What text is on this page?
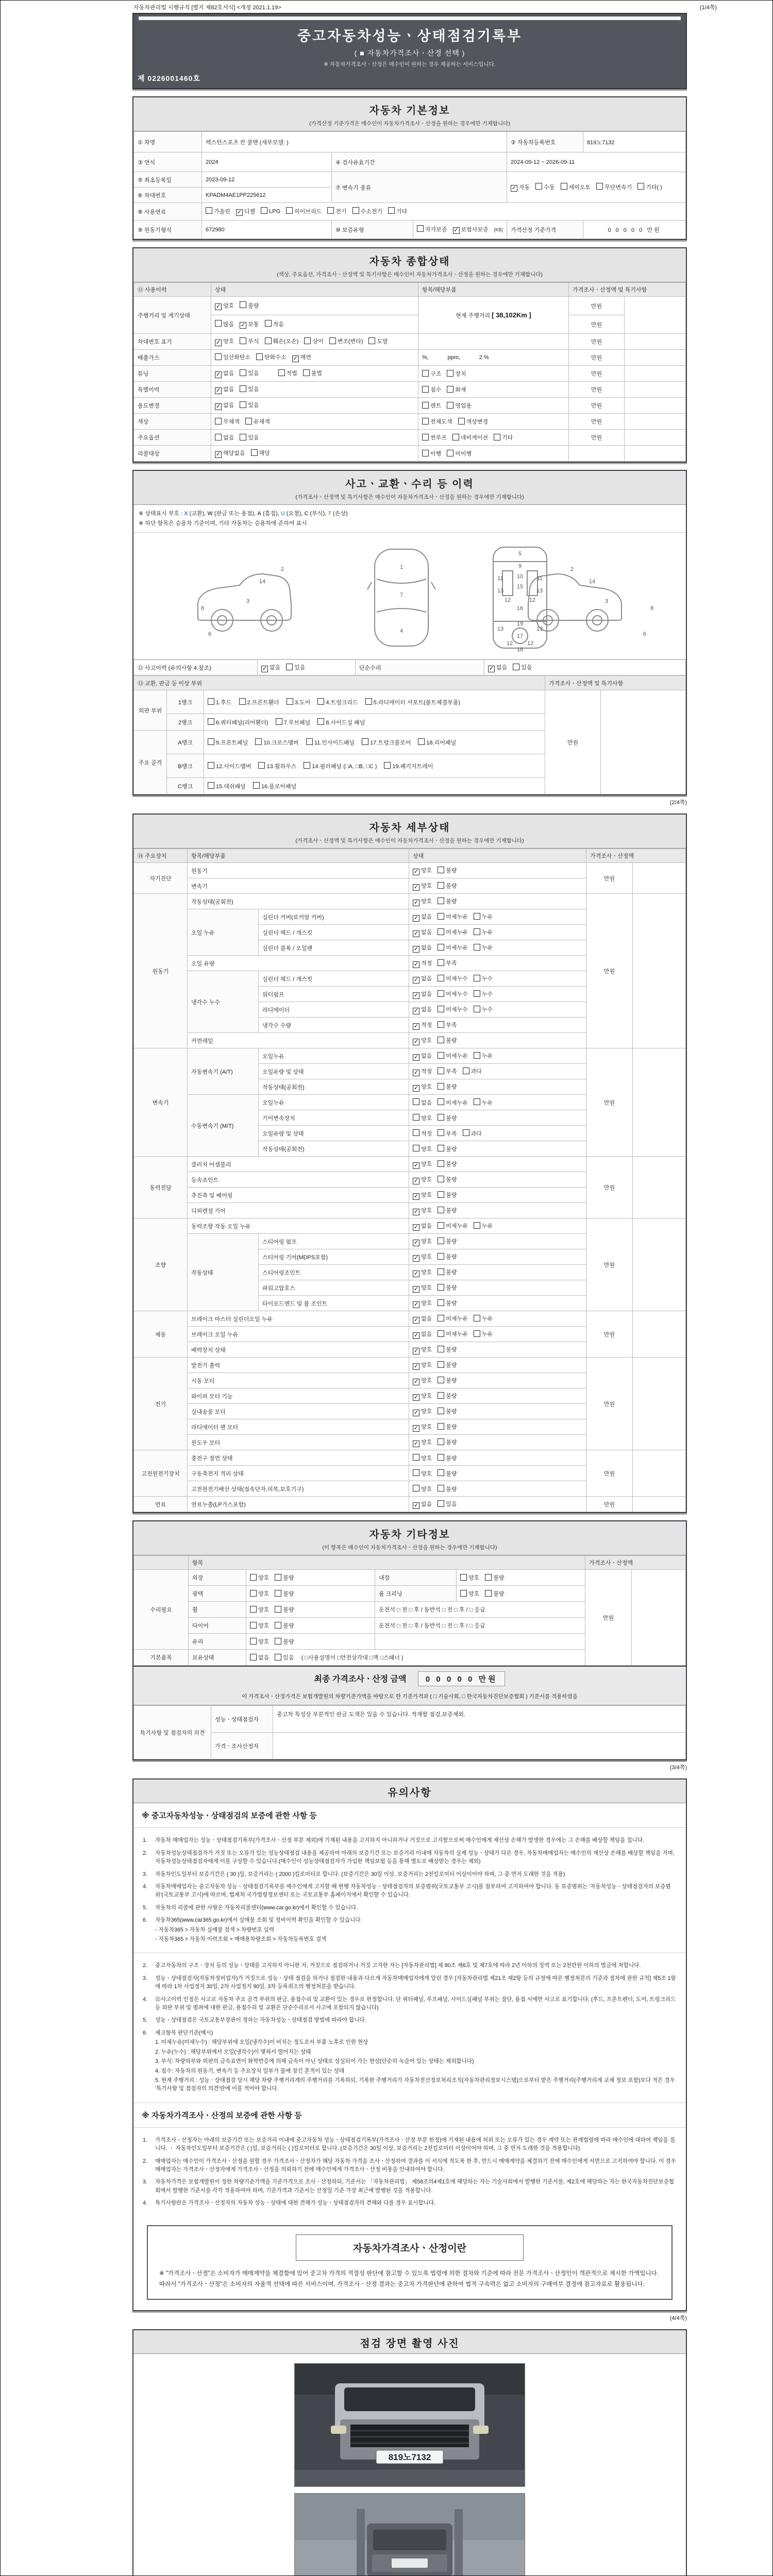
자동차관리법 시행규칙 [별지 제82호서식] <개정 2021.1.19>	(1/4쪽)
중고자동차성능ㆍ상태점검기록부
( ■ 자동차가격조사ㆍ산정 선택 )
※ 자동차가격조사ㆍ산정은 매수인이 원하는 경우 제공하는 서비스입니다.
제 0226001460호
자동차 기본정보
(가격산정 기준가격은 매수인이 자동차가격조사ㆍ산정을 원하는 경우에만 기재합니다)
① 차명	렉스턴스포츠 칸 쿨멘 (세부모델: )			② 자동차등록번호	819노7132
③ 연식	2024	④ 검사유효기간		2024-09-12 ~ 2026-09-11	
⑤ 최초등록일	2023-09-12	⑦ 변속기 종류		✓ 자동 수동 세미오토 무단변속기 기타( )	
⑥ 차대번호	KPADM4AE1PP225612				
⑧ 사용연료	가솔린 ✓ 디젤 LPG 하이브리드 전기 수소전기 기타				
⑨ 원동기형식	672980	⑩ 보증유형	자가보증 ✓ 보험사보증 [KB]	가격산정 기준가격	0 0 0 0 0 만원
자동차 종합상태
(색상, 주요옵션, 가격조사ㆍ산정액 및 특기사항은 매수인이 자동차가격조사ㆍ산정을 원하는 경우에만 기재합니다)
⑪ 사용이력	상태	항목/해당부품	가격조사ㆍ산정액 및 특기사항	
주행거리 및 계기상태	✓ 양호 불량	현재 주행거리 [ 38,102Km ]	만원	
	많음 ✓ 보통 적음		만원	
차대번호 표기	✓ 양호 부식 훼손(오손) 상이 변조(변타) 도말		만원	
배출가스	일산화탄소 탄화수소 ✓ 매연	%,            ppm,            2 %	만원	
튜닝	✓ 없음 있음 적법 불법	구조 장치	만원	
특별이력	✓ 없음 있음	침수 화재	만원	
용도변경	✓ 없음 있음	렌트 영업용	만원	
색상	무채색 유채색	전체도색 색상변경	만원	
주요옵션	없음 있음	썬루프 네비게이션 기타	만원	
리콜대상	✓ 해당없음 해당	이행 미이행		
사고ㆍ교환ㆍ수리 등 이력
(가격조사ㆍ산정액 및 특기사항은 매수인이 자동차가격조사ㆍ산정을 원하는 경우에만 기재합니다)
※ 상태표시 부호 : X (교환), W (판금 또는 용접), A (흠집), U (요철), C (부식), T (손상)
※ 하단 항목은 승용차 기준이며, 기타 자동차는 승용차에 준하여 표시
1
6
2
3
13
4
5
7
8
13
9
10
11
12	12
14
15
16
17
18
19
11
12	12
13	13
2
3
14
8
6
⑫ 사고이력 (유의사항 4.참조)	✓ 없음 있음	단순수리	✓ 없음 있음
⑬ 교환, 판금 등 이상 부위			가격조사ㆍ산정액 및 특기사항	
외판 부위	1랭크	1.후드 2.프론트휀더 3.도어 4.트렁크리드 5.라디에이터 서포트(볼트체결부품)	만원	
	2랭크	6.쿼터패널(리어휀더) 7.루브패널 8.사이드실 패널		
주요 골격	A랭크	9.프론트패널 10.크로스멤버 11.인사이드패널 17.트렁크플로어 18.리어패널		
	B랭크	12.사이드멤버 13.휠하우스 14.필러패널 (□A, □B, □C ) 19.패키지트레이		
	C랭크	15.대쉬패널 16.플로어패널		
(2/4쪽)
자동차 세부상태
(가격조사ㆍ산정액 및 특기사항은 매수인이 자동차가격조사ㆍ산정을 원하는 경우에만 기재합니다)
⑭ 주요장치	항목/해당부품		상태	가격조사ㆍ산정액	
자기진단	원동기		✓ 양호 불량	만원	
	변속기		✓ 양호 불량		
원동기	작동상태(공회전)		✓ 양호 불량	만원	
	오일 누유	실린더 커버(로커암 커버)	✓ 없음 미세누유 누유		
		실린더 헤드 / 개스킷	✓ 없음 미세누유 누유		
		실린더 블록 / 오일팬	✓ 없음 미세누유 누유		
	오일 유량		✓ 적정 부족		
	냉각수 누수	실린더 헤드 / 개스킷	✓ 없음 미세누수 누수		
		워터펌프	✓ 없음 미세누수 누수		
		라디에이터	✓ 없음 미세누수 누수		
		냉각수 수량	✓ 적정 부족		
	커먼레일		✓ 양호 불량		
변속기	자동변속기 (A/T)	오일누유	✓ 없음 미세누유 누유	만원	
		오일유량 및 상태	✓ 적정 부족 과다		
		작동상태(공회전)	✓ 양호 불량		
	수동변속기 (M/T)	오일누유	없음 미세누유 누유		
		기어변속장치	양호 불량		
		오일유량 및 상태	적정 부족 과다		
		작동상태(공회전)	양호 불량		
동력전달	클러치 어셈블리		✓ 양호 불량	만원	
	등속죠인트		✓ 양호 불량		
	추진축 및 베어링		✓ 양호 불량		
	디퍼렌셜 기어		✓ 양호 불량		
조향	동력조향 작동 오일 누유		✓ 없음 미세누유 누유	만원	
	작동상태	스티어링 펌프	✓ 양호 불량		
		스티어링 기어(MDPS포함)	✓ 양호 불량		
		스티어링조인트	✓ 양호 불량		
		파워고압호스	✓ 양호 불량		
		타이로드엔드 및 볼 조인트	✓ 양호 불량		
제동	브레이크 마스터 실린더오일 누유		✓ 없음 미세누유 누유	만원	
	브레이크 오일 누유		✓ 없음 미세누유 누유		
	배력장치 상태		✓ 양호 불량		
전기	발전기 출력		✓ 양호 불량	만원	
	시동 모터		✓ 양호 불량		
	와이퍼 모터 기능		✓ 양호 불량		
	실내송풍 모터		✓ 양호 불량		
	라디에이터 팬 모터		✓ 양호 불량		
	윈도우 모터		✓ 양호 불량		
고전원전기장치	충전구 절연 상태		양호 불량	만원	
	구동축전지 격리 상태		양호 불량		
	고전원전기배선 상태(접속단자,피복,보호기구)		양호 불량		
연료	연료누출(LP가스포함)		✓ 없음 있음	만원	
자동차 기타정보
(이 항목은 매수인이 자동차가격조사ㆍ산정을 원하는 경우에만 기재합니다)
	항목				가격조사ㆍ산정액	
수리필요	외장	양호 불량	내장	양호 불량	만원	
	광택	양호 불량	룸 크리닝	양호 불량		
	휠	양호 불량	운전석 □ 전 □ 후 / 동반석 □ 전 □ 후 / □ 응급			
	타이어	양호 불량	운전석 □ 전 □ 후 / 동반석 □ 전 □ 후 / □ 응급			
	유리	양호 불량				
기본품목	보유상태	없음 있음 ( □사용설명서 □안전삼각대 □잭 □스패너 )				
최종 가격조사ㆍ산정 금액 0 0 0 0 0 만원
이 가격조사ㆍ산정가격은 보험개발원의 차량기준가액을 바탕으로 한 기준가격과 ( □ 기술사회, □ 한국자동차진단보증협회 ) 기준서를 적용하였음
특기사항 및 점검자의 의견	성능ㆍ상태점검자	중고차 특성상 부분적인 판금 도색은 있을 수 있습니다. 적재함 점검,보증제외.
	가격ㆍ조사산정자	
(3/4쪽)
유의사항
※ 중고자동차성능ㆍ상태점검의 보증에 관한 사항 등
1.	자동차 매매업자는 성능ㆍ상태점검기록부(가격조사ㆍ산정 부분 제외)에 기재된 내용을 고지하지 아니하거나 거짓으로 고지함으로써 매수인에게 재산상 손해가 발생한 경우에는 그 손해를 배상할 책임을 집니다.
2.	자동차성능상태점검자가 거짓 또는 오류가 있는 성능상태점검 내용을 제공하여 아래의 보증기간 또는 보증거리 이내에 자동차의 실제 성능ㆍ상태가 다른 경우, 자동차매매업자는 매수인의 재산상 손해를 배상할 책임을 지며, 자동차성능상태점검자에게 이를 구상할 수 있습니다.(매수인이 성능상태점검자가 가입한 책임보험 등을 통해 별도로 배상받는 경우는 제외)
3.	자동차인도일부터 보증기간은 ( 30 )일, 보증거리는 ( 2000 )킬로미터로 합니다. (보증기간은 30일 이상, 보증거리는 2천킬로미터 이상이어야 하며, 그 중 먼저 도래한 것을 적용)
4.	자동차매매업자는 중고자동차 성능ㆍ상태점검기록부를 매수인에게 고지할 때 현행 자동차성능ㆍ상태점검자의 보증범위(국토교통부 고시)를 첨부하여 고지하여야 합니다. 동 보증범위는 '자동차성능ㆍ상태점검자의 보증범위'(국토교통부 고시)에 따르며, 법제처 국가법령정보센터 또는 국토교통부 홈페이지에서 확인할 수 있습니다.
5.	자동차의 리콜에 관한 사항은 자동차리콜센터(www.car.go.kr)에서 확인할 수 있습니다.
6.	자동차365(www.car365.go.kr)에서 실매물 조회 및 정비이력 확인을 확인할 수 있습니다.
- 자동차365 > 자동차 실매물 검색 > 차량번호 입력
- 자동차365 > 자동차 이력조회 > 매매용차량조회 > 자동차등록번호 검색
2.	중고자동차의 구조ㆍ장치 등의 성능ㆍ상태를 고지하지 아니한 자, 거짓으로 점검하거나 거짓 고지한 자는 [자동차관리법] 제 80조 제6호 및 제7호에 따라 2년 이하의 징역 또는 2천만원 이하의 벌금에 처합니다.
3.	성능ㆍ상태점검자(자동차정비업자)가 거짓으로 성능ㆍ상태 점검을 하거나 점검한 내용과 다르게 자동차매매업자에게 알린 경우 [자동차관리법 제21조 제2항 등의 규정에 따른 행정처분의 기준과 절차에 관한 규칙] 제5조 1항에 따라 1차 사업정지 30일, 2차 사업정지 90일, 3차 등록취소의 행정처분을 받습니다.
4.	⑫사고이력 인정은 사고로 자동차 주요 골격 부위의 판금, 용접수리 및 교환이 있는 경우로 한정합니다. 단 쿼터패널, 루프패널, 사이드실패널 부위는 절단, 용접 시에만 사고로 표기합니다. (후드, 프론트펜더, 도어, 트렁크리드 등 외판 부위 및 범퍼에 대한 판금, 용접수리 및 교환은 단순수리로서 사고에 포함되지 않습니다)
5.	성능ㆍ상태점검은 국토교통부장관이 정하는 자동차성능ㆍ상태점검 방법에 따라야 합니다.
6.	체크항목 판단기준(예시)
1. 미세누유(미세누수) : 해당부위에 오일(냉각수)이 비치는 정도로서 부품 노후로 인한 현상
2. 누유(누수) : 해당부위에서 오일(냉각수)이 맺혀서 떨어지는 상태
3. 부식: 차량하부와 외판의 금속표면이 화학반응에 의해 금속이 아닌 상태로 상실되어 가는 현상(단순히 녹슬어 있는 상태는 제외합니다)
4. 침수: 자동차의 원동기, 변속기 등 주요장치 일부가 물에 잠긴 흔적이 있는 상태
5. 현재 주행거리 : 성능ㆍ상태점검 당시 해당 차량 주행거리계의 주행거리를 기록하되, 기록한 주행거리가 자동차전산정보처리조직(자동차관리정보시스템)으로부터 받은 주행거리(주행거리계 교체 정보 포함)보다 적은 경우 '특기사항 및 점검자의 의견'란에 이를 적어야 합니다.
※ 자동차가격조사ㆍ산정의 보증에 관한 사항 등
1.	가격조사ㆍ산정자는 아래의 보증기간 또는 보증거리 이내에 중고자동차 성능ㆍ상태점검기록부(가격조사ㆍ산정 부분 한정)에 기재된 내용에 허위 또는 오류가 있는 경우 계약 또는 관계법령에 따라 매수인에 대하여 책임을 집니다. ㆍ 자동차인도일부터 보증기간은 ( )일, 보증거리는 ( )킬로미터로 합니다. (보증기간은 30일 이상, 보증거리는 2천킬로미터 이상이어야 하며, 그 중 먼저 도래한 것을 적용합니다)
2.	매매업자는 매수인이 가격조사ㆍ산정을 원할 경우 가격조사ㆍ산정자가 해당 자동차 가격을 조사ㆍ산정하여 결과를 이 서식에 적도록 한 후, 반드시 매매계약을 체결하기 전에 매수인에게 서면으로 고지하여야 합니다. 이 경우 매매업자는 가격조사ㆍ산정자에게 가격조사ㆍ산정을 의뢰하기 전에 매수인에게 가격조사ㆍ산정 비용을 안내하여야 합니다.
3.	자동차가격은 보험개발원이 정한 차량기준가액을 기준가격으로 조사ㆍ산정하되, 기준서는 「자동차관리법」 제58조의4제1호에 해당하는 자는 기술사회에서 발행한 기준서를, 제2호에 해당하는 자는 한국자동차진단보증협회에서 발행한 기준서를 각각 적용하여야 하며, 기준가격과 기준서는 산정일 기준 가장 최근에 발행된 것을 적용합니다.
4.	특기사항란은 가격조사ㆍ산정자의 자동차 성능ㆍ상태에 대한 견해가 성능ㆍ상태점검자의 견해와 다를 경우 표시합니다.
자동차가격조사ㆍ산정이란
※ "가격조사ㆍ산정"은 소비자가 매매계약을 체결함에 있어 중고차 가격의 적절성 판단에 참고할 수 있도록 법령에 의한 절차와 기준에 따라 전문 가격조사ㆍ산정인이 객관적으로 제시한 가액입니다. 따라서 "가격조사ㆍ산정"은 소비자의 자율적 선택에 따른 서비스이며, 가격조사ㆍ산정 결과는 중고차 가격판단에 관하여 법적 구속력은 없고 소비자의 구매여부 결정에 참고자료로 활용됩니다.
(4/4쪽)
점검 장면 촬영 사진
819노7132
